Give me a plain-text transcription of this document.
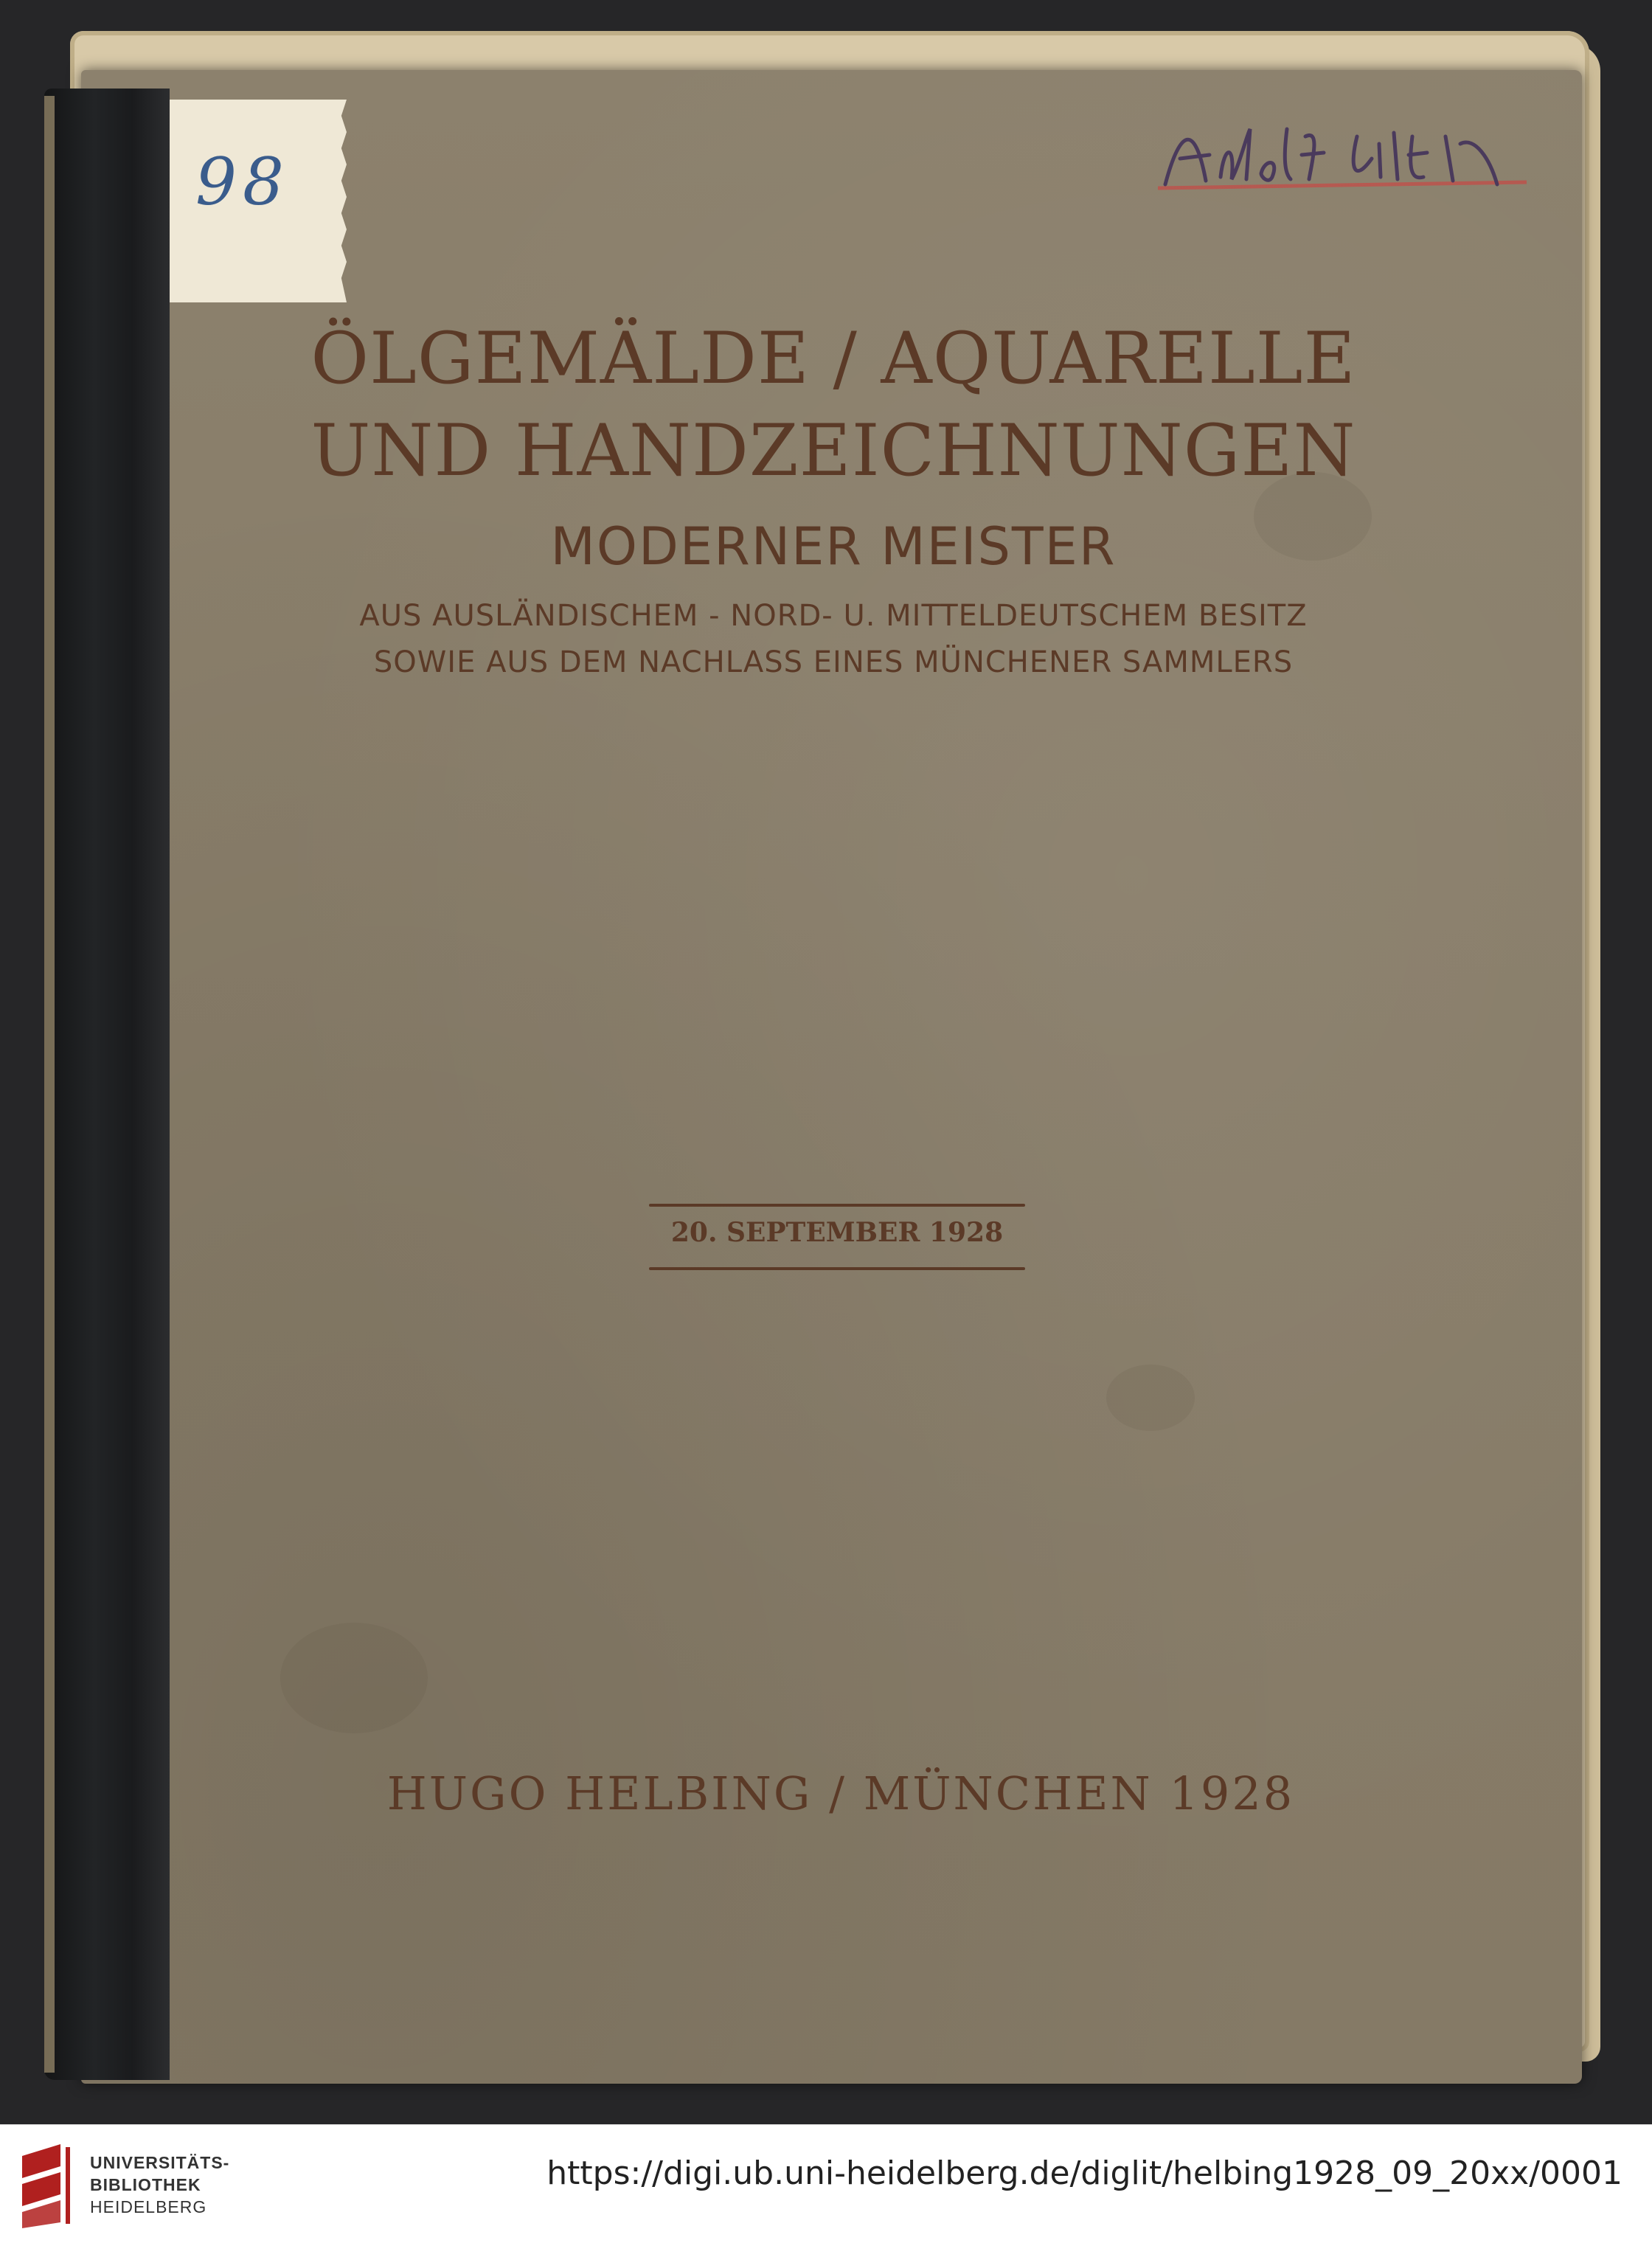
98
ÖLGEMÄLDE / AQUARELLE
UND HANDZEICHNUNGEN
MODERNER MEISTER
AUS AUSLÄNDISCHEM - NORD- U. MITTELDEUTSCHEM BESITZ
SOWIE AUS DEM NACHLASS EINES MÜNCHENER SAMMLERS
20. SEPTEMBER 1928
HUGO HELBING / MÜNCHEN 1928
UNIVERSITÄTS-
BIBLIOTHEK
HEIDELBERG
https://digi.ub.uni-heidelberg.de/diglit/helbing1928_09_20xx/0001
